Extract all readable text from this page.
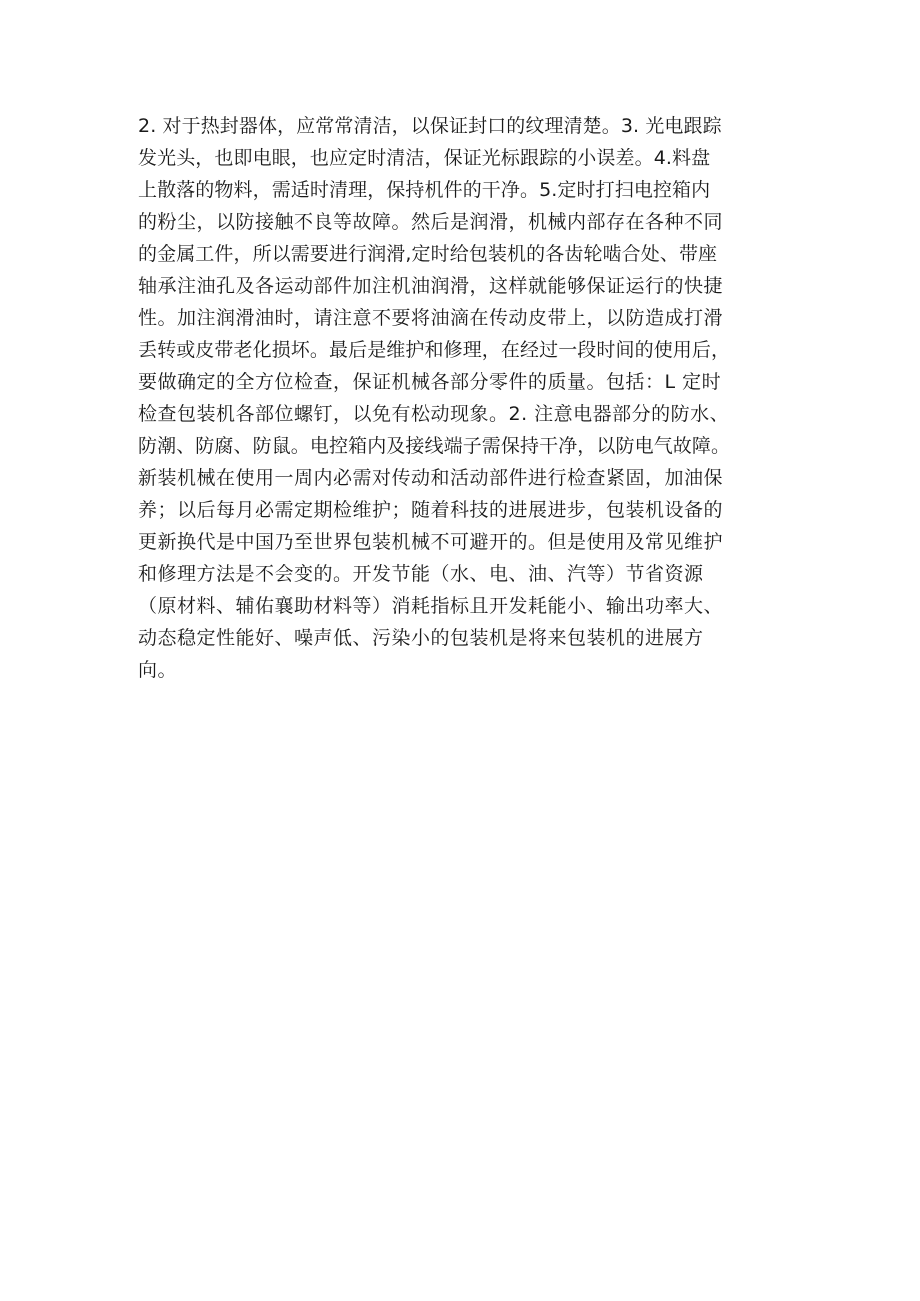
2. 对于热封器体，应常常清洁，以保证封口的纹理清楚。3. 光电跟踪
发光头，也即电眼，也应定时清洁，保证光标跟踪的小误差。4.料盘
上散落的物料，需适时清理，保持机件的干净。5.定时打扫电控箱内
的粉尘，以防接触不良等故障。然后是润滑，机械内部存在各种不同
的金属工件，所以需要进行润滑,定时给包装机的各齿轮啮合处、带座
轴承注油孔及各运动部件加注机油润滑，这样就能够保证运行的快捷
性。加注润滑油时，请注意不要将油滴在传动皮带上，以防造成打滑
丢转或皮带老化损坏。最后是维护和修理，在经过一段时间的使用后，
要做确定的全方位检查，保证机械各部分零件的质量。包括：L 定时
检查包装机各部位螺钉，以免有松动现象。2. 注意电器部分的防水、
防潮、防腐、防鼠。电控箱内及接线端子需保持干净，以防电气故障。
新装机械在使用一周内必需对传动和活动部件进行检查紧固，加油保
养；以后每月必需定期检维护；随着科技的进展进步，包装机设备的
更新换代是中国乃至世界包装机械不可避开的。但是使用及常见维护
和修理方法是不会变的。开发节能（水、电、油、汽等）节省资源
（原材料、辅佑襄助材料等）消耗指标且开发耗能小、输出功率大、
动态稳定性能好、噪声低、污染小的包装机是将来包装机的进展方
向。
